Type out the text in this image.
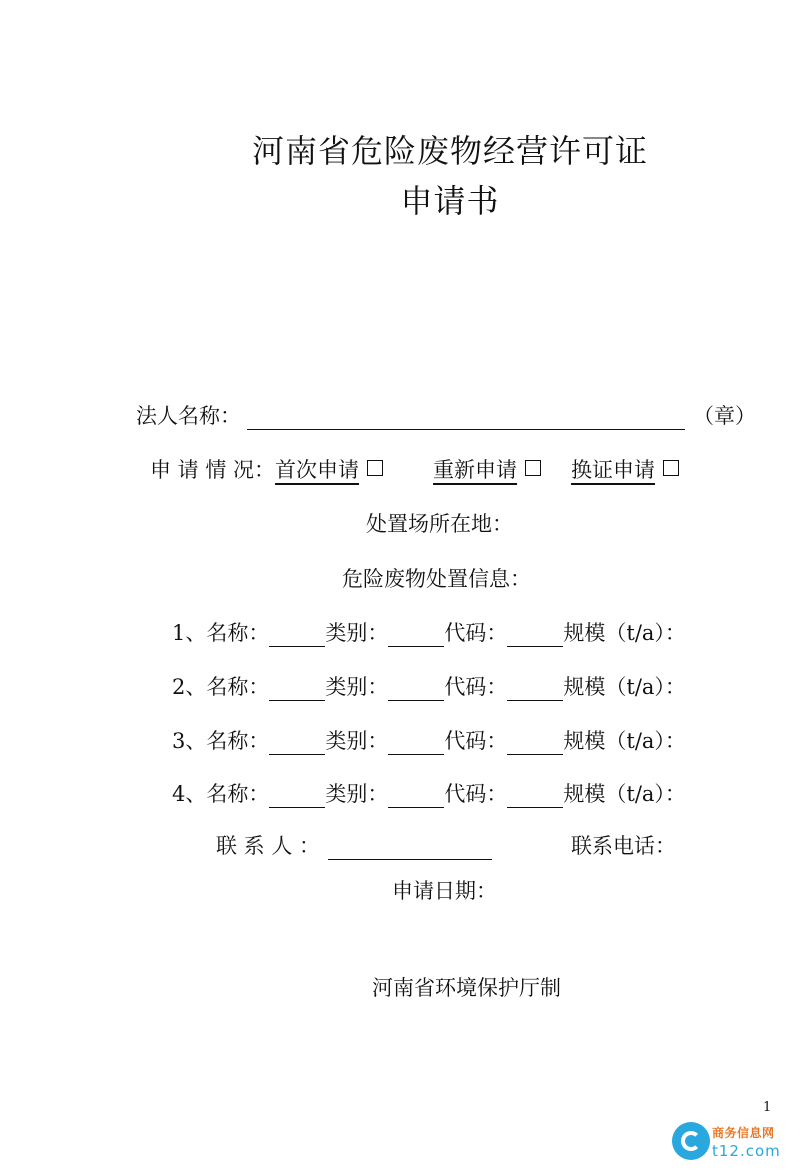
河南省危险废物经营许可证
申请书
法人名称：	（章）
申 请 情 况：首次申请	重新申请	换证申请
处置场所在地：
危险废物处置信息：
1、名称：	类别：	代码：	规模（t/a）：
2、名称：	类别：	代码：	规模（t/a）：
3、名称：	类别：	代码：	规模（t/a）：
4、名称：	类别：	代码：	规模（t/a）：
联 系 人 ：	联系电话：
申请日期：
河南省环境保护厅制
1
商务信息网
t12.com
